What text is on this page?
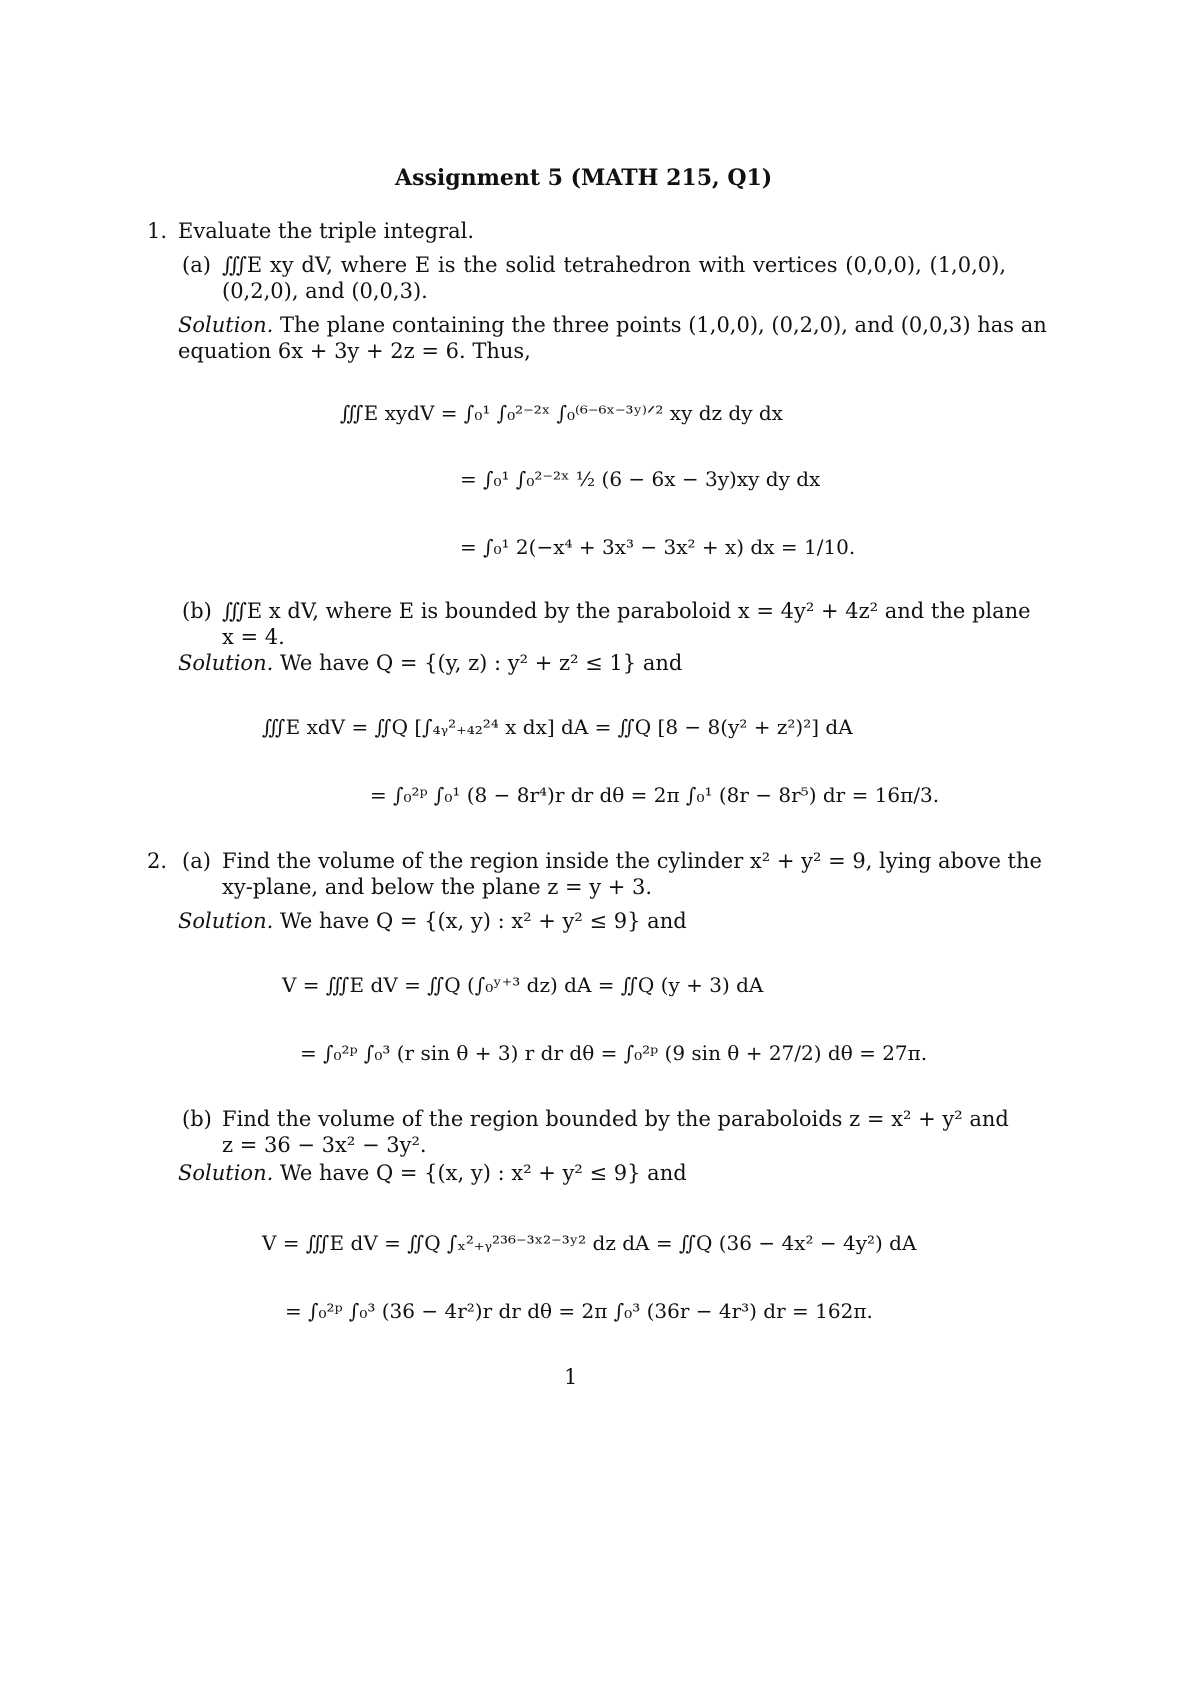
Assignment 5 (MATH 215, Q1)
1. Evaluate the triple integral.
(a) ∭E xy dV, where E is the solid tetrahedron with vertices (0,0,0), (1,0,0),
(0,2,0), and (0,0,3).
Solution. The plane containing the three points (1,0,0), (0,2,0), and (0,0,3) has an
equation 6x + 3y + 2z = 6. Thus,
∭E xydV = ∫₀¹ ∫₀²⁻²ˣ ∫₀⁽⁶⁻⁶ˣ⁻³ʸ⁾ᐟ² xy dz dy dx
= ∫₀¹ ∫₀²⁻²ˣ ½ (6 − 6x − 3y)xy dy dx
= ∫₀¹ 2(−x⁴ + 3x³ − 3x² + x) dx = 1/10.
(b) ∭E x dV, where E is bounded by the paraboloid x = 4y² + 4z² and the plane
x = 4.
Solution. We have Q = {(y, z) : y² + z² ≤ 1} and
∭E xdV = ∬Q [∫₄ᵧ²₊₄₂²⁴ x dx] dA = ∬Q [8 − 8(y² + z²)²] dA
= ∫₀²ᵖ ∫₀¹ (8 − 8r⁴)r dr dθ = 2π ∫₀¹ (8r − 8r⁵) dr = 16π/3.
2. (a) Find the volume of the region inside the cylinder x² + y² = 9, lying above the
xy-plane, and below the plane z = y + 3.
Solution. We have Q = {(x, y) : x² + y² ≤ 9} and
V = ∭E dV = ∬Q (∫₀ʸ⁺³ dz) dA = ∬Q (y + 3) dA
= ∫₀²ᵖ ∫₀³ (r sin θ + 3) r dr dθ = ∫₀²ᵖ (9 sin θ + 27/2) dθ = 27π.
(b) Find the volume of the region bounded by the paraboloids z = x² + y² and
z = 36 − 3x² − 3y².
Solution. We have Q = {(x, y) : x² + y² ≤ 9} and
V = ∭E dV = ∬Q ∫ₓ²₊ᵧ²³⁶⁻³ˣ²⁻³ʸ² dz dA = ∬Q (36 − 4x² − 4y²) dA
= ∫₀²ᵖ ∫₀³ (36 − 4r²)r dr dθ = 2π ∫₀³ (36r − 4r³) dr = 162π.
1
